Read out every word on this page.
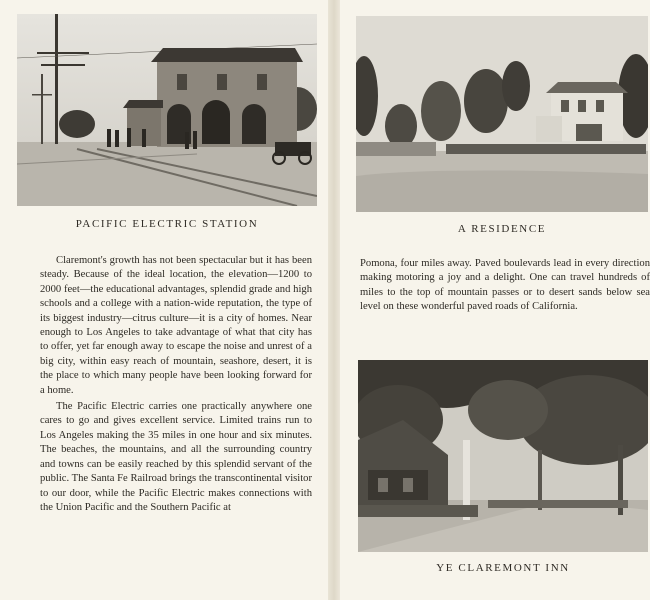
PACIFIC ELECTRIC STATION

Claremont's growth has not been spectacular but it has been steady. Because of the ideal location, the elevation—1200 to 2000 feet—the educational advantages, splendid grade and high schools and a college with a nation-wide reputation, the type of its biggest industry—citrus culture—it is a city of homes. Near enough to Los Angeles to take advantage of what that city has to offer, yet far enough away to escape the noise and unrest of a big city, within easy reach of mountain, seashore, desert, it is the place to which many people have been looking forward for a home.

The Pacific Electric carries one practically anywhere one cares to go and gives excellent service. Limited trains run to Los Angeles making the 35 miles in one hour and six minutes. The beaches, the mountains, and all the surrounding country and towns can be easily reached by this splendid servant of the public. The Santa Fe Railroad brings the transcontinental visitor to our door, while the Pacific Electric makes connections with the Union Pacific and the Southern Pacific at

A RESIDENCE

Pomona, four miles away. Paved boulevards lead in every direction making motoring a joy and a delight. One can travel hundreds of miles to the top of mountain passes or to desert sands below sea level on these wonderful paved roads of California.

YE CLAREMONT INN
